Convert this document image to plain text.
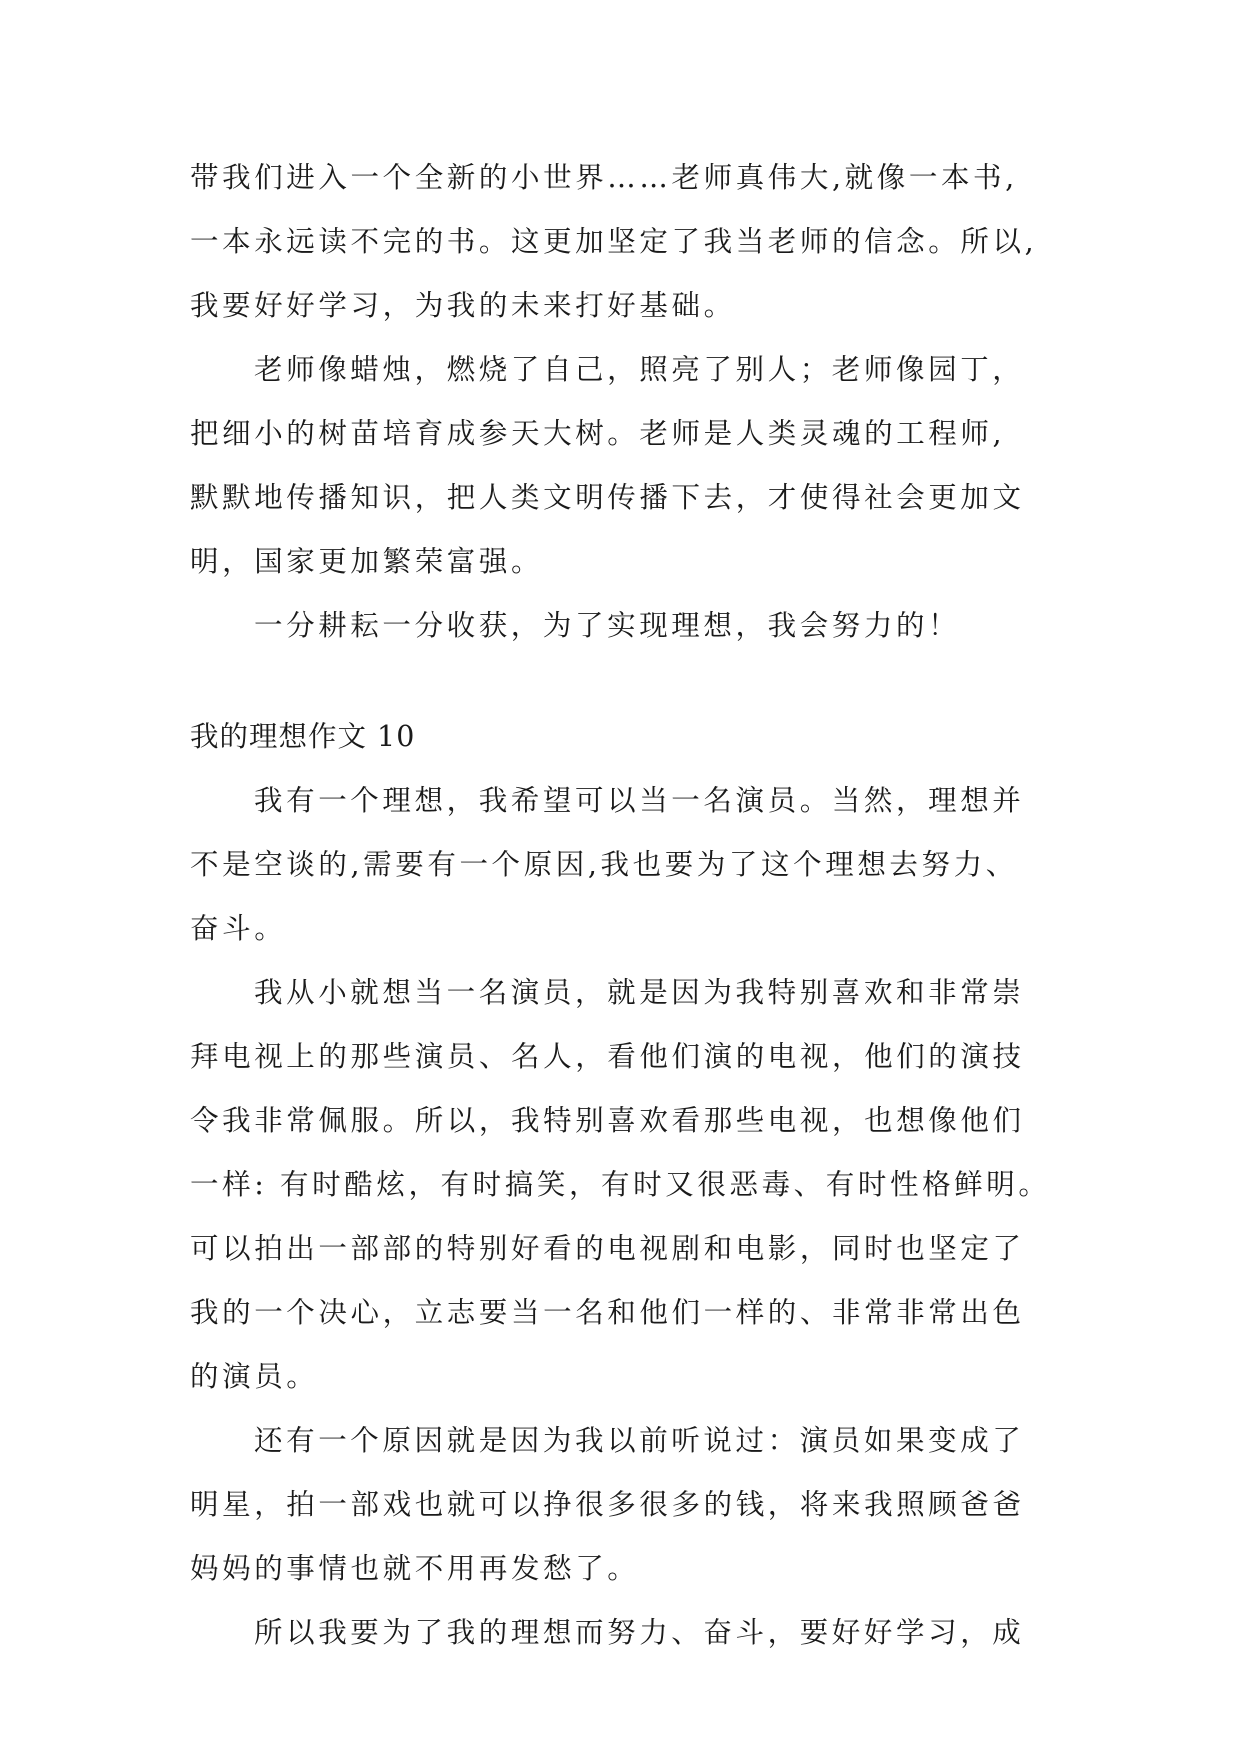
带我们进入一个全新的小世界……老师真伟大,就像一本书,
一本永远读不完的书。这更加坚定了我当老师的信念。所以,
我要好好学习，为我的未来打好基础。
老师像蜡烛，燃烧了自己，照亮了别人；老师像园丁，
把细小的树苗培育成参天大树。老师是人类灵魂的工程师,
默默地传播知识，把人类文明传播下去，才使得社会更加文
明，国家更加繁荣富强。
一分耕耘一分收获，为了实现理想，我会努力的！
我的理想作文 10
我有一个理想，我希望可以当一名演员。当然，理想并
不是空谈的,需要有一个原因,我也要为了这个理想去努力、
奋斗。
我从小就想当一名演员，就是因为我特别喜欢和非常崇
拜电视上的那些演员、名人，看他们演的电视，他们的演技
令我非常佩服。所以，我特别喜欢看那些电视，也想像他们
一样: 有时酷炫，有时搞笑，有时又很恶毒、有时性格鲜明。
可以拍出一部部的特别好看的电视剧和电影，同时也坚定了
我的一个决心，立志要当一名和他们一样的、非常非常出色
的演员。
还有一个原因就是因为我以前听说过：演员如果变成了
明星，拍一部戏也就可以挣很多很多的钱，将来我照顾爸爸
妈妈的事情也就不用再发愁了。
所以我要为了我的理想而努力、奋斗，要好好学习，成
